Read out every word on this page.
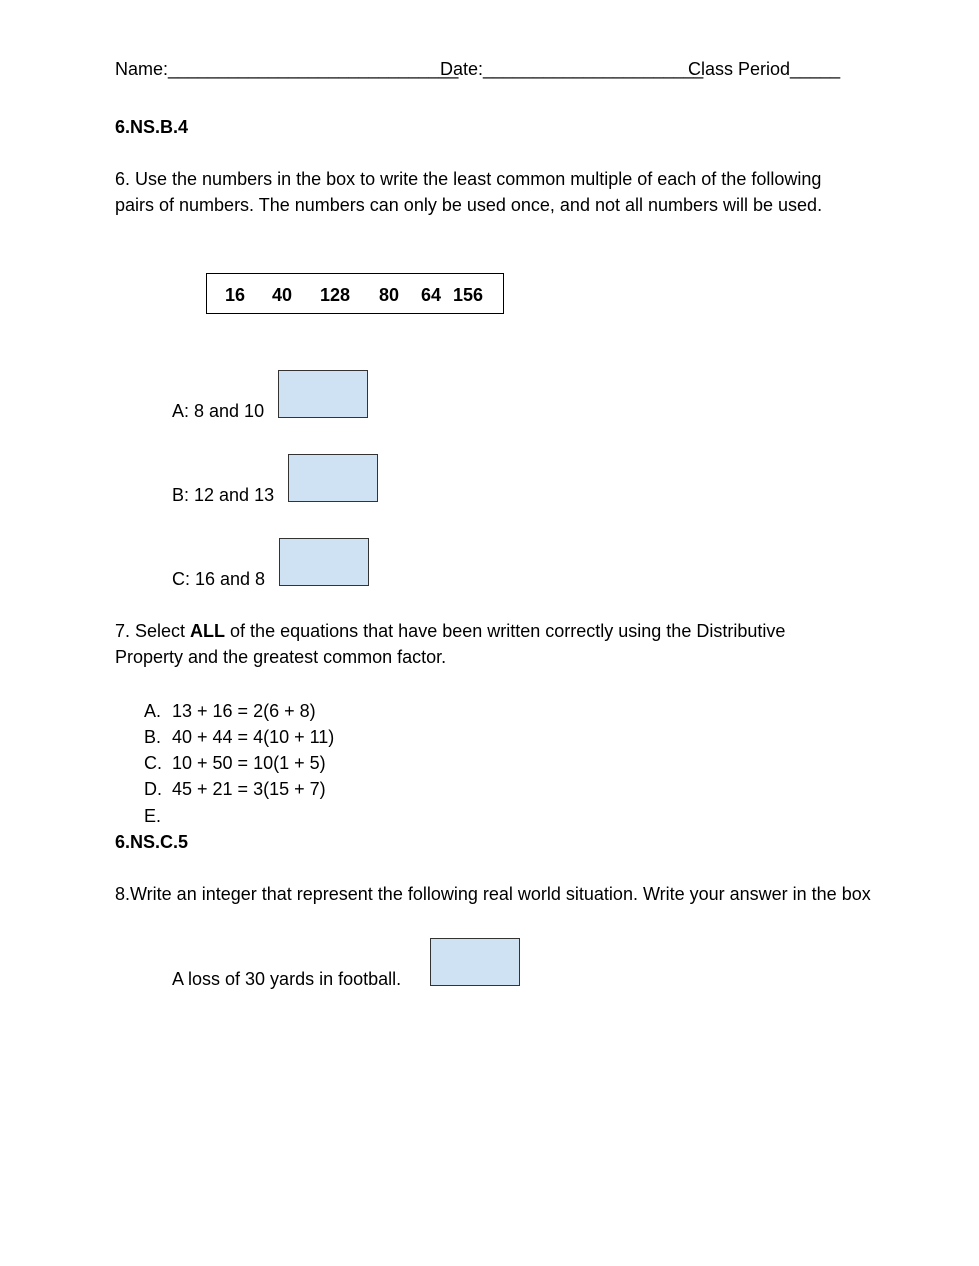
Name:_____________________________
Date:______________________
Class Period_____
6.NS.B.4
6. Use the numbers in the box to write the least common multiple of each of the following pairs of numbers. The numbers can only be used once, and not all numbers will be used.
16 40 128 80 64 156
A: 8 and 10
B: 12 and 13
C: 16 and 8
7. Select ALL of the equations that have been written correctly using the Distributive Property and the greatest common factor.
A. 13 + 16 = 2(6 + 8)
B. 40 + 44 = 4(10 + 11)
C. 10 + 50 = 10(1 + 5)
D. 45 + 21 = 3(15 + 7)
E.
6.NS.C.5
8.Write an integer that represent the following real world situation. Write your answer in the box
A loss of 30 yards in football.
